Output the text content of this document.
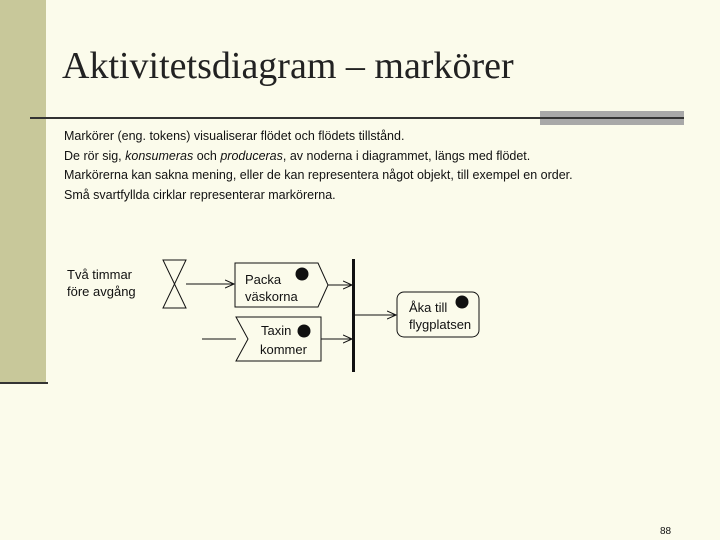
Aktivitetsdiagram – markörer

Markörer (eng. tokens) visualiserar flödet och flödets tillstånd.

De rör sig, konsumeras och produceras, av noderna i diagrammet, längs med flödet.

Markörerna kan sakna mening, eller de kan representera något objekt, till exempel en order.

Små svartfyllda cirklar representerar markörerna.

Två timmar
före avgång
Packa
väskorna
Taxin
kommer
Åka till
flygplatsen
88
